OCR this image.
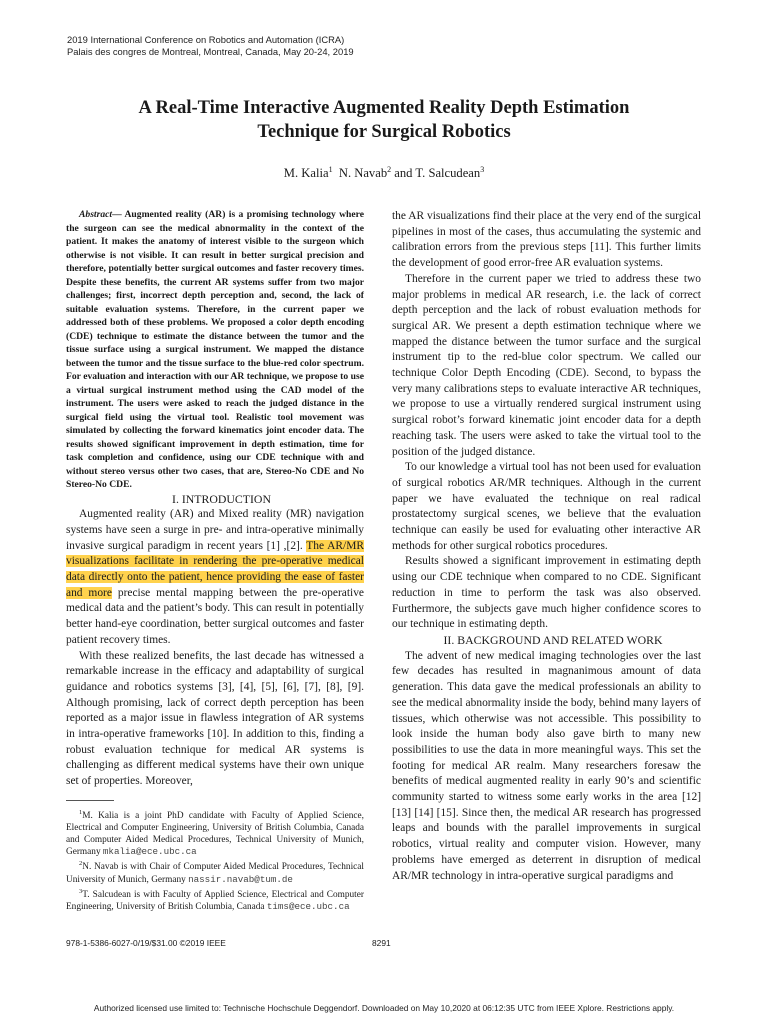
2019 International Conference on Robotics and Automation (ICRA)
Palais des congres de Montreal, Montreal, Canada, May 20-24, 2019
A Real-Time Interactive Augmented Reality Depth Estimation
Technique for Surgical Robotics
M. Kalia$^1$ N. Navab$^2$ and T. Salcudean$^3$

Abstract— Augmented reality (AR) is a promising technology where the surgeon can see the medical abnormality in the context of the patient. It makes the anatomy of interest visible to the surgeon which otherwise is not visible. It can result in better surgical precision and therefore, potentially better surgical outcomes and faster recovery times. Despite these benefits, the current AR systems suffer from two major challenges; first, incorrect depth perception and, second, the lack of suitable evaluation systems. Therefore, in the current paper we addressed both of these problems. We proposed a color depth encoding (CDE) technique to estimate the distance between the tumor and the tissue surface using a surgical instrument. We mapped the distance between the tumor and the tissue surface to the blue-red color spectrum. For evaluation and interaction with our AR technique, we propose to use a virtual surgical instrument method using the CAD model of the instrument. The users were asked to reach the judged distance in the surgical field using the virtual tool. Realistic tool movement was simulated by collecting the forward kinematics joint encoder data. The results showed significant improvement in depth estimation, time for task completion and confidence, using our CDE technique with and without stereo versus other two cases, that are, Stereo-No CDE and No Stereo-No CDE.

I. INTRODUCTION

Augmented reality (AR) and Mixed reality (MR) navigation systems have seen a surge in pre- and intra-operative minimally invasive surgical paradigm in recent years [1] ,[2]. The AR/MR visualizations facilitate in rendering the pre-operative medical data directly onto the patient, hence providing the ease of faster and more precise mental mapping between the pre-operative medical data and the patient’s body. This can result in potentially better hand-eye coordination, better surgical outcomes and faster patient recovery times.

With these realized benefits, the last decade has witnessed a remarkable increase in the efficacy and adaptability of surgical guidance and robotics systems [3], [4], [5], [6], [7], [8], [9]. Although promising, lack of correct depth perception has been reported as a major issue in flawless integration of AR systems in intra-operative frameworks [10]. In addition to this, finding a robust evaluation technique for medical AR systems is challenging as different medical systems have their own unique set of properties. Moreover,

$^1$M. Kalia is a joint PhD candidate with Faculty of Applied Science, Electrical and Computer Engineering, University of British Columbia, Canada and Computer Aided Medical Procedures, Technical University of Munich, Germany mkalia@ece.ubc.ca

$^2$N. Navab is with Chair of Computer Aided Medical Procedures, Technical University of Munich, Germany nassir.navab@tum.de

$^3$T. Salcudean is with Faculty of Applied Science, Electrical and Computer Engineering, University of British Columbia, Canada tims@ece.ubc.ca

the AR visualizations find their place at the very end of the surgical pipelines in most of the cases, thus accumulating the systemic and calibration errors from the previous steps [11]. This further limits the development of good error-free AR evaluation systems.

Therefore in the current paper we tried to address these two major problems in medical AR research, i.e. the lack of correct depth perception and the lack of robust evaluation methods for surgical AR. We present a depth estimation technique where we mapped the distance between the tumor surface and the surgical instrument tip to the red-blue color spectrum. We called our technique Color Depth Encoding (CDE). Second, to bypass the very many calibrations steps to evaluate interactive AR techniques, we propose to use a virtually rendered surgical instrument using surgical robot’s forward kinematic joint encoder data for a depth reaching task. The users were asked to take the virtual tool to the position of the judged distance.

To our knowledge a virtual tool has not been used for evaluation of surgical robotics AR/MR techniques. Although in the current paper we have evaluated the technique on real radical prostatectomy surgical scenes, we believe that the evaluation technique can easily be used for evaluating other interactive AR methods for other surgical robotics procedures.

Results showed a significant improvement in estimating depth using our CDE technique when compared to no CDE. Significant reduction in time to perform the task was also observed. Furthermore, the subjects gave much higher confidence scores to our technique in estimating depth.

II. BACKGROUND AND RELATED WORK

The advent of new medical imaging technologies over the last few decades has resulted in magnanimous amount of data generation. This data gave the medical professionals an ability to see the medical abnormality inside the body, behind many layers of tissues, which otherwise was not accessible. This possibility to look inside the human body also gave birth to many new possibilities to use the data in more meaningful ways. This set the footing for medical AR realm. Many researchers foresaw the benefits of medical augmented reality in early 90’s and scientific community started to witness some early works in the area [12] [13] [14] [15]. Since then, the medical AR research has progressed leaps and bounds with the parallel improvements in surgical robotics, virtual reality and computer vision. However, many problems have emerged as deterrent in disruption of medical AR/MR technology in intra-operative surgical paradigms and

978-1-5386-6027-0/19/$31.00 ©2019 IEEE	8291
Authorized licensed use limited to: Technische Hochschule Deggendorf. Downloaded on May 10,2020 at 06:12:35 UTC from IEEE Xplore. Restrictions apply.
